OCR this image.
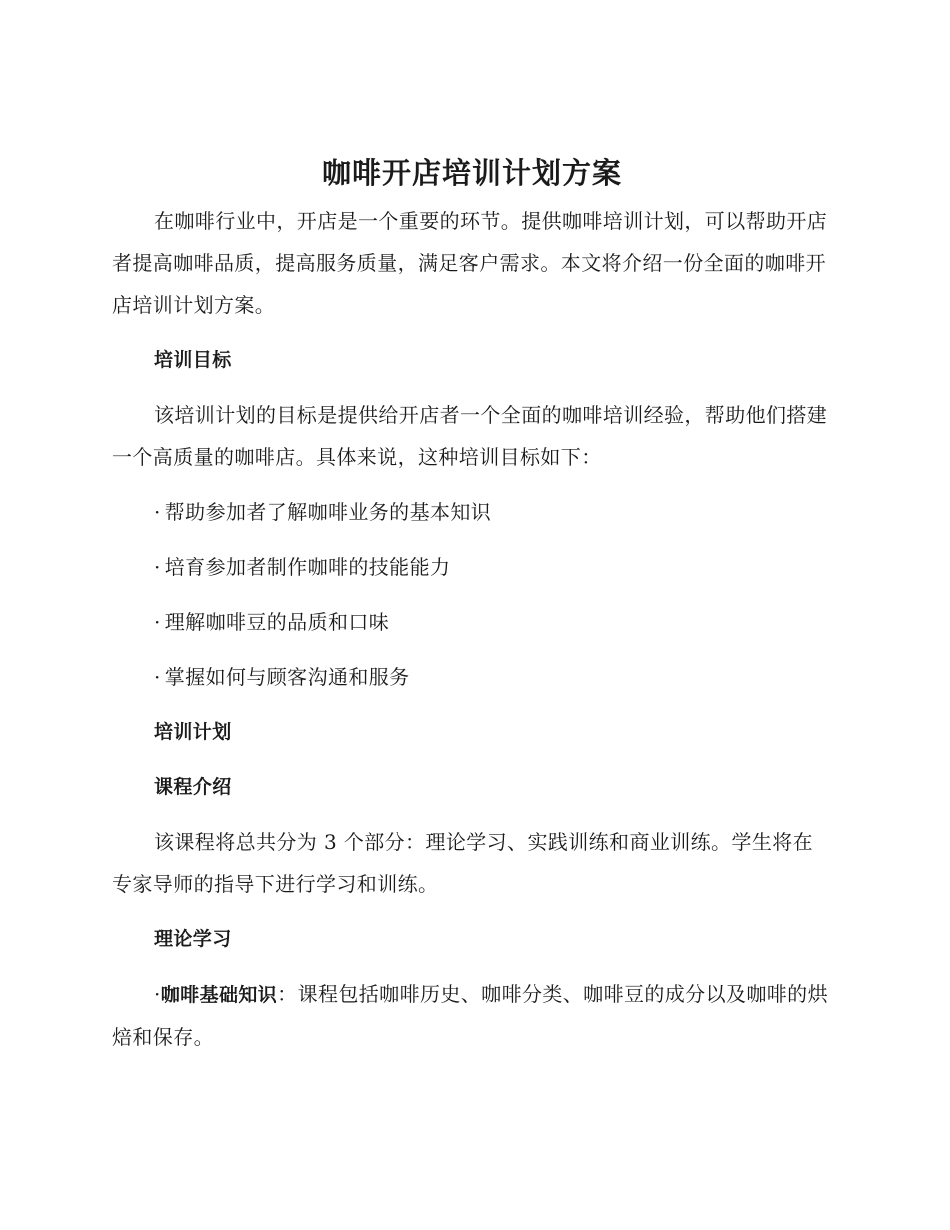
咖啡开店培训计划方案

在咖啡行业中，开店是一个重要的环节。提供咖啡培训计划，可以帮助开店者提高咖啡品质，提高服务质量，满足客户需求。本文将介绍一份全面的咖啡开店培训计划方案。

培训目标

该培训计划的目标是提供给开店者一个全面的咖啡培训经验，帮助他们搭建一个高质量的咖啡店。具体来说，这种培训目标如下：

· 帮助参加者了解咖啡业务的基本知识
· 培育参加者制作咖啡的技能能力
· 理解咖啡豆的品质和口味
· 掌握如何与顾客沟通和服务
培训计划
课程介绍

该课程将总共分为 3 个部分：理论学习、实践训练和商业训练。学生将在专家导师的指导下进行学习和训练。

理论学习

·咖啡基础知识：课程包括咖啡历史、咖啡分类、咖啡豆的成分以及咖啡的烘焙和保存。
